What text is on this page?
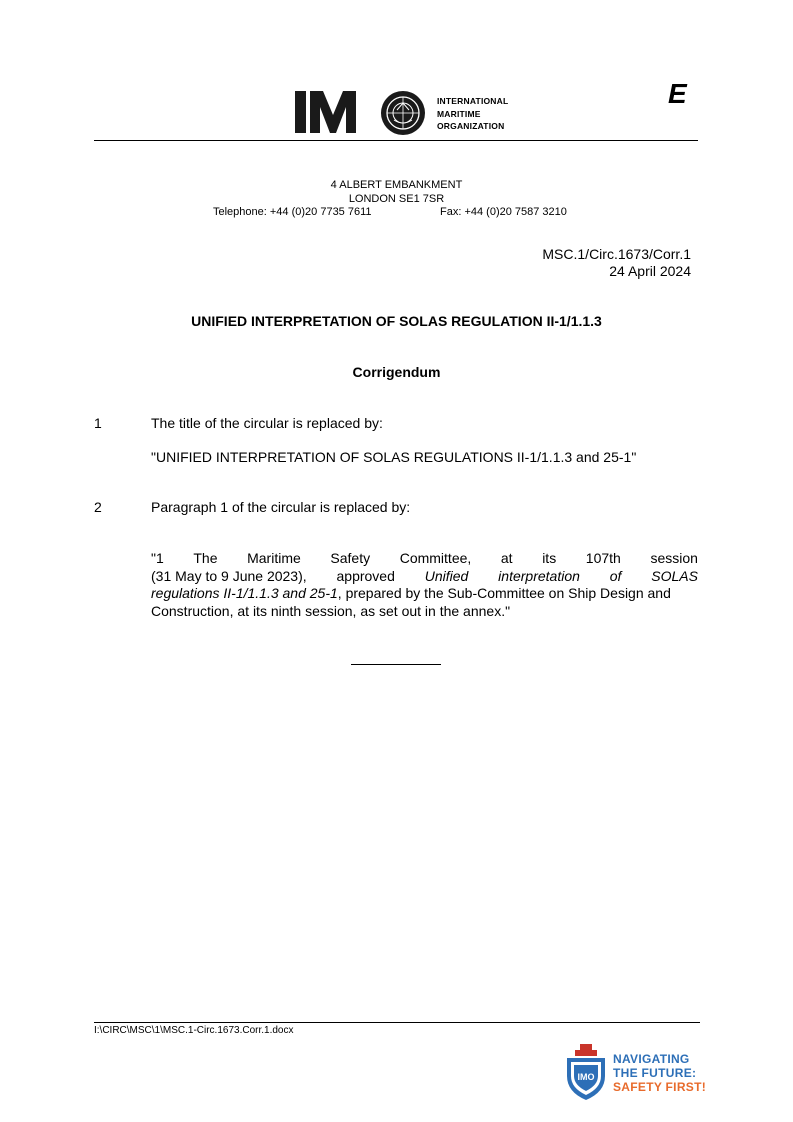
INTERNATIONAL
MARITIME
ORGANIZATION
E
4 ALBERT EMBANKMENT
LONDON SE1 7SR
Telephone: +44 (0)20 7735 7611	Fax: +44 (0)20 7587 3210
MSC.1/Circ.1673/Corr.1
24 April 2024
UNIFIED INTERPRETATION OF SOLAS REGULATION II-1/1.1.3
Corrigendum
1	The title of the circular is replaced by:
"UNIFIED INTERPRETATION OF SOLAS REGULATIONS II-1/1.1.3 and 25-1"
2	Paragraph 1 of the circular is replaced by:
"1 The Maritime Safety Committee, at its 107th session
(31 May to 9 June 2023), approved Unified interpretation of SOLAS
regulations II-1/1.1.3 and 25-1, prepared by the Sub-Committee on Ship Design and
Construction, at its ninth session, as set out in the annex."
I:\CIRC\MSC\1\MSC.1-Circ.1673.Corr.1.docx
IMO
NAVIGATING
THE FUTURE:
SAFETY FIRST!
